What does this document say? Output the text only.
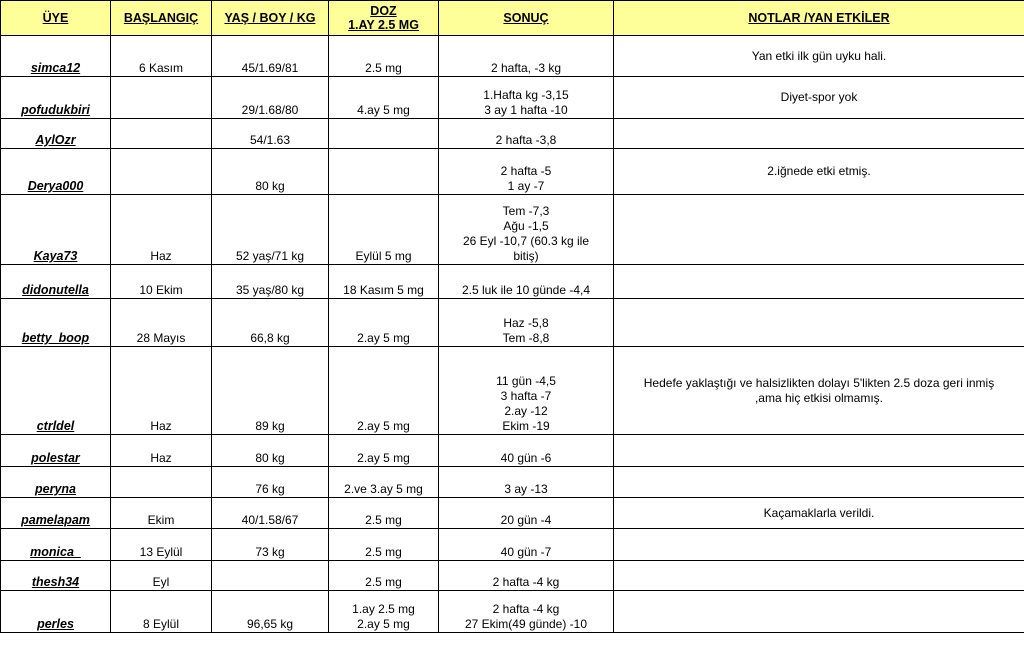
ÜYE	BAŞLANGIÇ	YAŞ / BOY / KG	DOZ
1.AY 2.5 MG	SONUÇ	NOTLAR /YAN ETKİLER
simca12	6 Kasım	45/1.69/81	2.5 mg	2 hafta, -3 kg	Yan etki ilk gün uyku hali.

pofudukbiri		29/1.68/80	4.ay 5 mg	1.Hafta kg -3,15
3 ay 1 hafta -10	Diyet-spor yok

AylOzr		54/1.63		2 hafta -3,8	

Derya000		80 kg		2 hafta -5
1 ay -7	2.iğnede etki etmiş.

Kaya73	Haz	52 yaş/71 kg	Eylül 5 mg	Tem -7,3
Ağu -1,5
26 Eyl -10,7 (60.3 kg ile
bitiş)	

didonutella	10 Ekim	35 yaş/80 kg	18 Kasım 5 mg	2.5 luk ile 10 günde -4,4	

betty_boop	28 Mayıs	66,8 kg	2.ay 5 mg	Haz -5,8
Tem -8,8	

ctrldel	Haz	89 kg	2.ay 5 mg	11 gün -4,5
3 hafta -7
2.ay -12
Ekim -19	Hedefe yaklaştığı ve halsizlikten dolayı 5'likten 2.5 doza geri inmiş
,ama hiç etkisi olmamış.

polestar	Haz	80 kg	2.ay 5 mg	40 gün -6	

peryna		76 kg	2.ve 3.ay 5 mg	3 ay -13	

pamelapam	Ekim	40/1.58/67	2.5 mg	20 gün -4	Kaçamaklarla verildi.

monica_	13 Eylül	73 kg	2.5 mg	40 gün -7	

thesh34	Eyl		2.5 mg	2 hafta -4 kg	

perles	8 Eylül	96,65 kg	1.ay 2.5 mg
2.ay 5 mg	2 hafta -4 kg
27 Ekim(49 günde) -10	
